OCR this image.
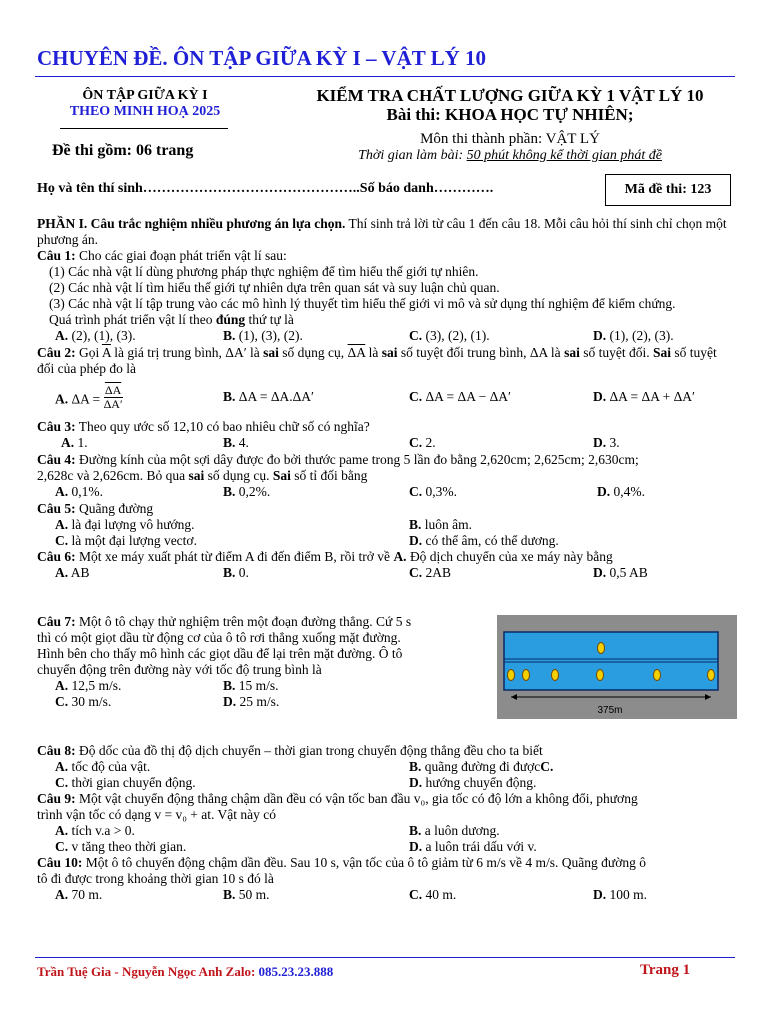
CHUYÊN ĐỀ. ÔN TẬP GIỮA KỲ I – VẬT LÝ 10
ÔN TẬP GIỮA KỲ I
THEO MINH HOẠ 2025
Đề thi gồm: 06 trang
KIỂM TRA CHẤT LƯỢNG GIỮA KỲ 1 VẬT LÝ 10
Bài thi: KHOA HỌC TỰ NHIÊN;
Môn thi thành phần: VẬT LÝ
Thời gian làm bài: 50 phút không kể thời gian phát đề
Họ và tên thí sinh………………………………………..Số báo danh………….	Mã đề thi: 123
PHẦN I. Câu trắc nghiệm nhiều phương án lựa chọn. Thí sinh trả lời từ câu 1 đến câu 18. Mỗi câu hỏi thí sinh chỉ chọn một phương án.
Câu 1: Cho các giai đoạn phát triển vật lí sau:
(1) Các nhà vật lí dùng phương pháp thực nghiệm để tìm hiểu thế giới tự nhiên.
(2) Các nhà vật lí tìm hiểu thế giới tự nhiên dựa trên quan sát và suy luận chủ quan.
(3) Các nhà vật lí tập trung vào các mô hình lý thuyết tìm hiểu thế giới vi mô và sử dụng thí nghiệm để kiểm chứng.
Quá trình phát triển vật lí theo đúng thứ tự là
A. (2), (1), (3).	B. (1), (3), (2).	C. (3), (2), (1).	D. (1), (2), (3).
Câu 2: Gọi $\overline{A}$ là giá trị trung bình, ΔA′ là sai số dụng cụ, $\overline{\Delta A}$ là sai số tuyệt đối trung bình, ΔA là sai số tuyệt đối. Sai số tuyệt đối của phép đo là
A. $\Delta A = \frac{\overline{\Delta A}}{\Delta A'}$	B. ΔA = ΔA.ΔA′	C. ΔA = ΔA − ΔA′	D. ΔA = ΔA + ΔA′
Câu 3: Theo quy ước số 12,10 có bao nhiêu chữ số có nghĩa?
A. 1.	B. 4.	C. 2.	D. 3.
Câu 4: Đường kính của một sợi dây được đo bởi thước pame trong 5 lần đo bằng 2,620cm; 2,625cm; 2,630cm;
2,628c và 2,626cm. Bỏ qua sai số dụng cụ. Sai số tỉ đối bằng
A. 0,1%.	B. 0,2%.	C. 0,3%.	D. 0,4%.
Câu 5: Quãng đường
A. là đại lượng vô hướng.	B. luôn âm.
C. là một đại lượng vectơ.	D. có thể âm, có thể dương.
Câu 6: Một xe máy xuất phát từ điểm A đi đến điểm B, rồi trở về A. Độ dịch chuyển của xe máy này bằng
A. AB	B. 0.	C. 2AB	D. 0,5 AB
Câu 7: Một ô tô chạy thử nghiệm trên một đoạn đường thẳng. Cứ 5 s
thì có một giọt dầu từ động cơ của ô tô rơi thẳng xuống mặt đường.
Hình bên cho thấy mô hình các giọt dầu để lại trên mặt đường. Ô tô
chuyển động trên đường này với tốc độ trung bình là
A. 12,5 m/s.	B. 15 m/s.
C. 30 m/s.	D. 25 m/s.
375m
Câu 8: Độ dốc của đồ thị độ dịch chuyển – thời gian trong chuyển động thẳng đều cho ta biết
A. tốc độ của vật.	B. quãng đường đi đượcC.
C. thời gian chuyển động.	D. hướng chuyển động.
Câu 9: Một vật chuyển động thẳng chậm dần đều có vận tốc ban đầu v₀, gia tốc có độ lớn a không đổi, phương
trình vận tốc có dạng v = v₀ + at. Vật này có
A. tích v.a > 0.	B. a luôn dương.
C. v tăng theo thời gian.	D. a luôn trái dấu với v.
Câu 10: Một ô tô chuyển động chậm dần đều. Sau 10 s, vận tốc của ô tô giảm từ 6 m/s về 4 m/s. Quãng đường ô
tô đi được trong khoảng thời gian 10 s đó là
A. 70 m.	B. 50 m.	C. 40 m.	D. 100 m.
Trần Tuệ Gia - Nguyễn Ngọc Anh Zalo: 085.23.23.888	Trang 1
